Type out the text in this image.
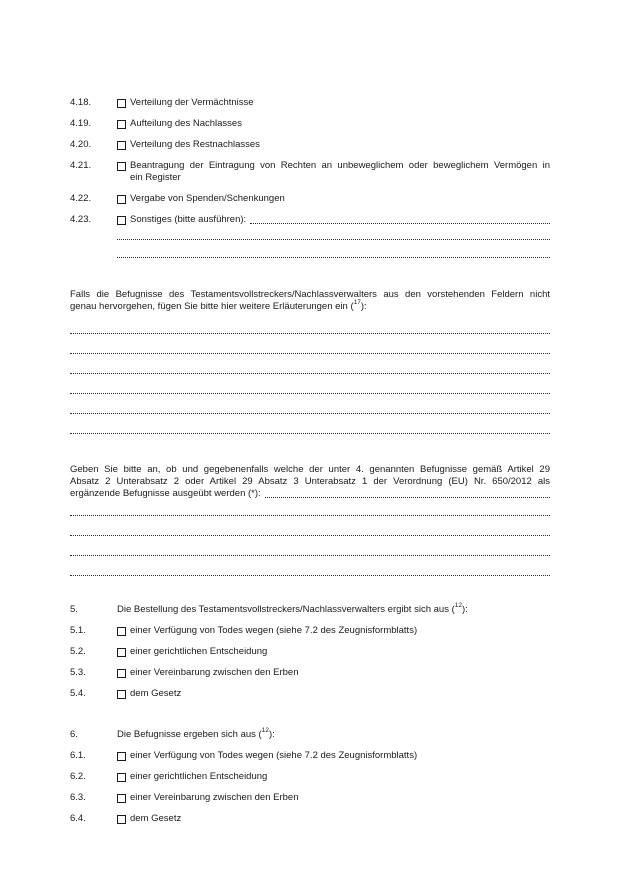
4.18.	Verteilung der Vermächtnisse
4.19.	Aufteilung des Nachlasses
4.20.	Verteilung des Restnachlasses
4.21.	Beantragung der Eintragung von Rechten an unbeweglichem oder beweglichem Vermögen in
ein Register
4.22.	Vergabe von Spenden/Schenkungen
4.23.	Sonstiges (bitte ausführen):
Falls die Befugnisse des Testamentsvollstreckers/Nachlassverwalters aus den vorstehenden Feldern nicht
genau hervorgehen, fügen Sie bitte hier weitere Erläuterungen ein ($^{17}$):
Geben Sie bitte an, ob und gegebenenfalls welche der unter 4. genannten Befugnisse gemäß Artikel 29
Absatz 2 Unterabsatz 2 oder Artikel 29 Absatz 3 Unterabsatz 1 der Verordnung (EU) Nr. 650/2012 als
ergänzende Befugnisse ausgeübt werden (*):
5.	Die Bestellung des Testamentsvollstreckers/Nachlassverwalters ergibt sich aus ($^{12}$):
5.1.	einer Verfügung von Todes wegen (siehe 7.2 des Zeugnisformblatts)
5.2.	einer gerichtlichen Entscheidung
5.3.	einer Vereinbarung zwischen den Erben
5.4.	dem Gesetz
6.	Die Befugnisse ergeben sich aus ($^{12}$):
6.1.	einer Verfügung von Todes wegen (siehe 7.2 des Zeugnisformblatts)
6.2.	einer gerichtlichen Entscheidung
6.3.	einer Vereinbarung zwischen den Erben
6.4.	dem Gesetz
